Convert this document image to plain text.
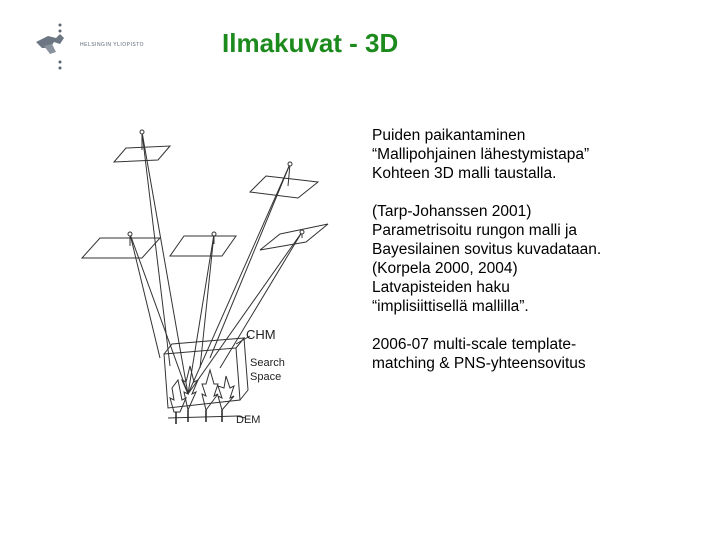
HELSINGIN YLIOPISTO	Ilmakuvat - 3D
CHM
Search
Space
DEM
Puiden paikantaminen
“Mallipohjainen lähestymistapa”
Kohteen 3D malli taustalla.
(Tarp-Johanssen 2001)
Parametrisoitu rungon malli ja
Bayesilainen sovitus kuvadataan.
(Korpela 2000, 2004)
Latvapisteiden haku
“implisiittisellä mallilla”.
2006-07 multi-scale template-
matching & PNS-yhteensovitus
